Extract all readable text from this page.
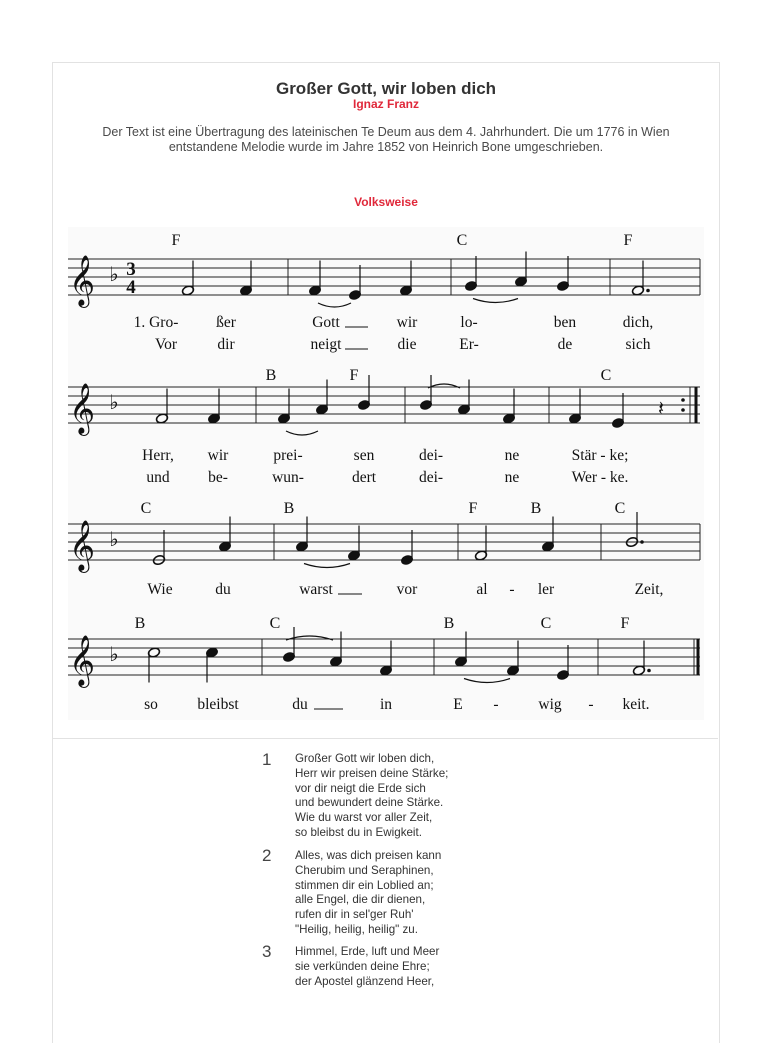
Großer Gott, wir loben dich
Ignaz Franz
Der Text ist eine Übertragung des lateinischen Te Deum aus dem 4. Jahrhundert. Die um 1776 in Wien entstandene Melodie wurde im Jahre 1852 von Heinrich Bone umgeschrieben.
Volksweise
𝄞 ♭ 3
4
F	C	F
1. Gro- ßer	Gott	wir	lo-	ben	dich,
Vor	dir	neigt	die	Er-	de	sich
𝄞 ♭	𝄽
B	F	C
Herr, wir	prei-	sen	dei-	ne	Stär - ke;
und be-	wun-	dert	dei-	ne	Wer - ke.
𝄞 ♭
C	B	F	B	C
Wie	du	warst	vor	al - ler	Zeit,
𝄞 ♭
B	C	B	C	F
so	bleibst	du	in	E -	wig - keit.
1 Großer Gott wir loben dich,
Herr wir preisen deine Stärke;
vor dir neigt die Erde sich
und bewundert deine Stärke.
Wie du warst vor aller Zeit,
so bleibst du in Ewigkeit.
2 Alles, was dich preisen kann
Cherubim und Seraphinen,
stimmen dir ein Loblied an;
alle Engel, die dir dienen,
rufen dir in sel'ger Ruh'
"Heilig, heilig, heilig" zu.
3 Himmel, Erde, luft und Meer
sie verkünden deine Ehre;
der Apostel glänzend Heer,
